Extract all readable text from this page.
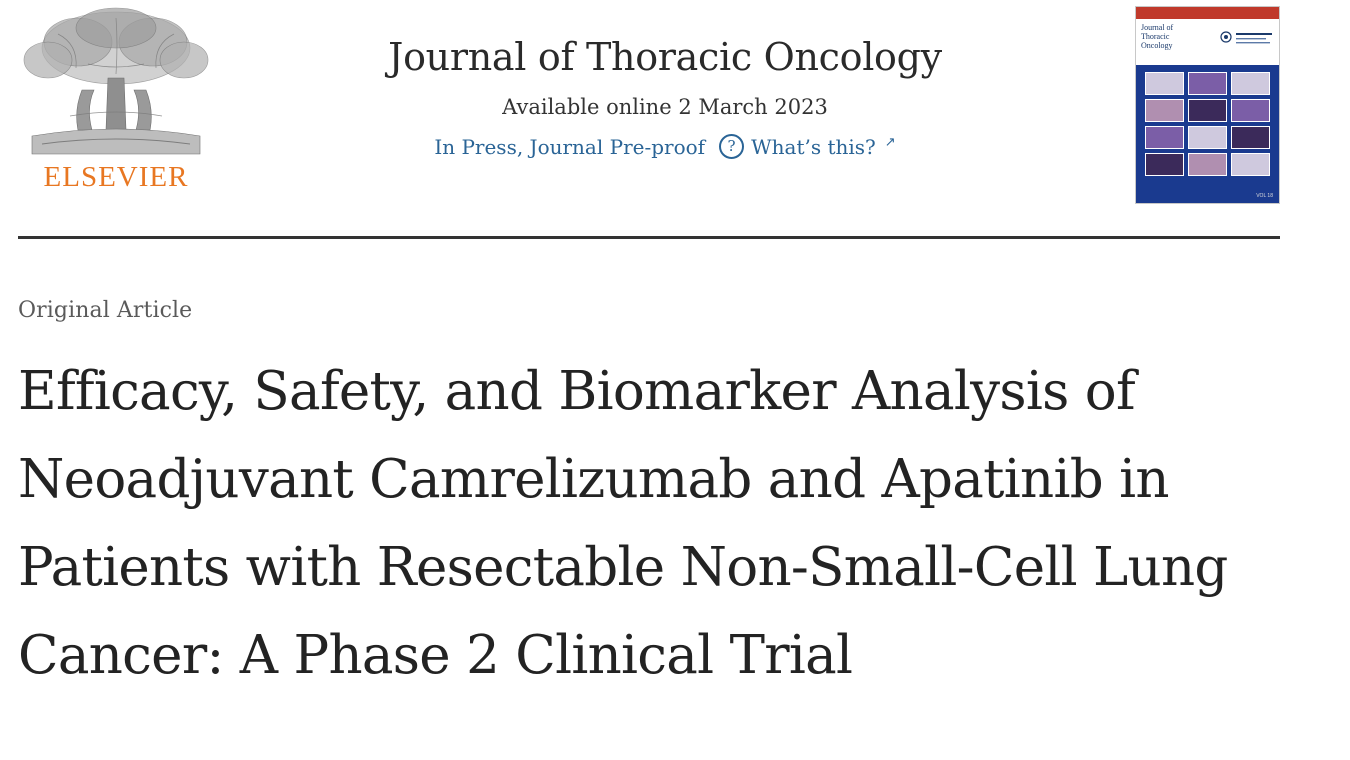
ELSEVIER
Journal of Thoracic Oncology
Available online 2 March 2023
In Press, Journal Pre-proof	? What’s this? ↗
Journal of
Thoracic
Oncology
VOL 18
Original Article
Efficacy, Safety, and Biomarker Analysis of Neoadjuvant Camrelizumab and Apatinib in Patients with Resectable Non-Small-Cell Lung Cancer: A Phase 2 Clinical Trial
